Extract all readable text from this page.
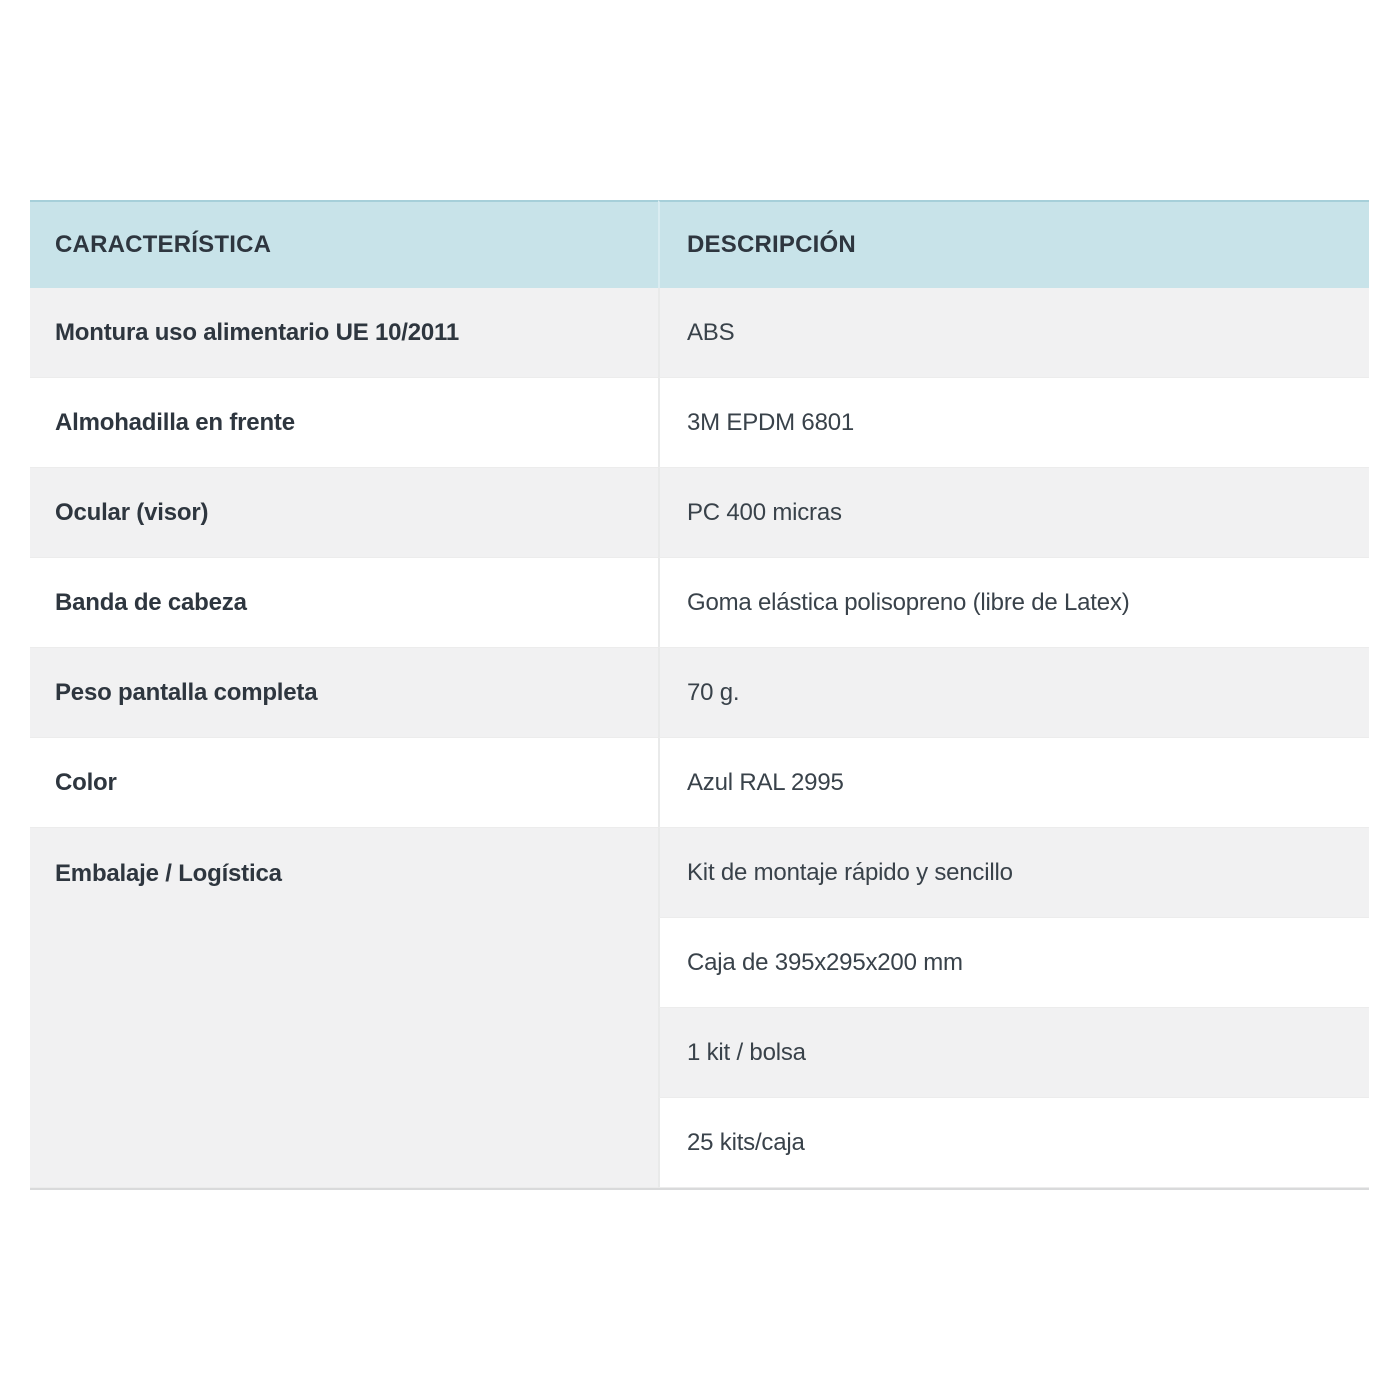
CARACTERÍSTICA	DESCRIPCIÓN
Montura uso alimentario UE 10/2011	ABS
Almohadilla en frente	3M EPDM 6801
Ocular (visor)	PC 400 micras
Banda de cabeza	Goma elástica polisopreno (libre de Latex)
Peso pantalla completa	70 g.
Color	Azul RAL 2995
Embalaje / Logística	Kit de montaje rápido y sencillo
	Caja de 395x295x200 mm
	1 kit / bolsa
	25 kits/caja
